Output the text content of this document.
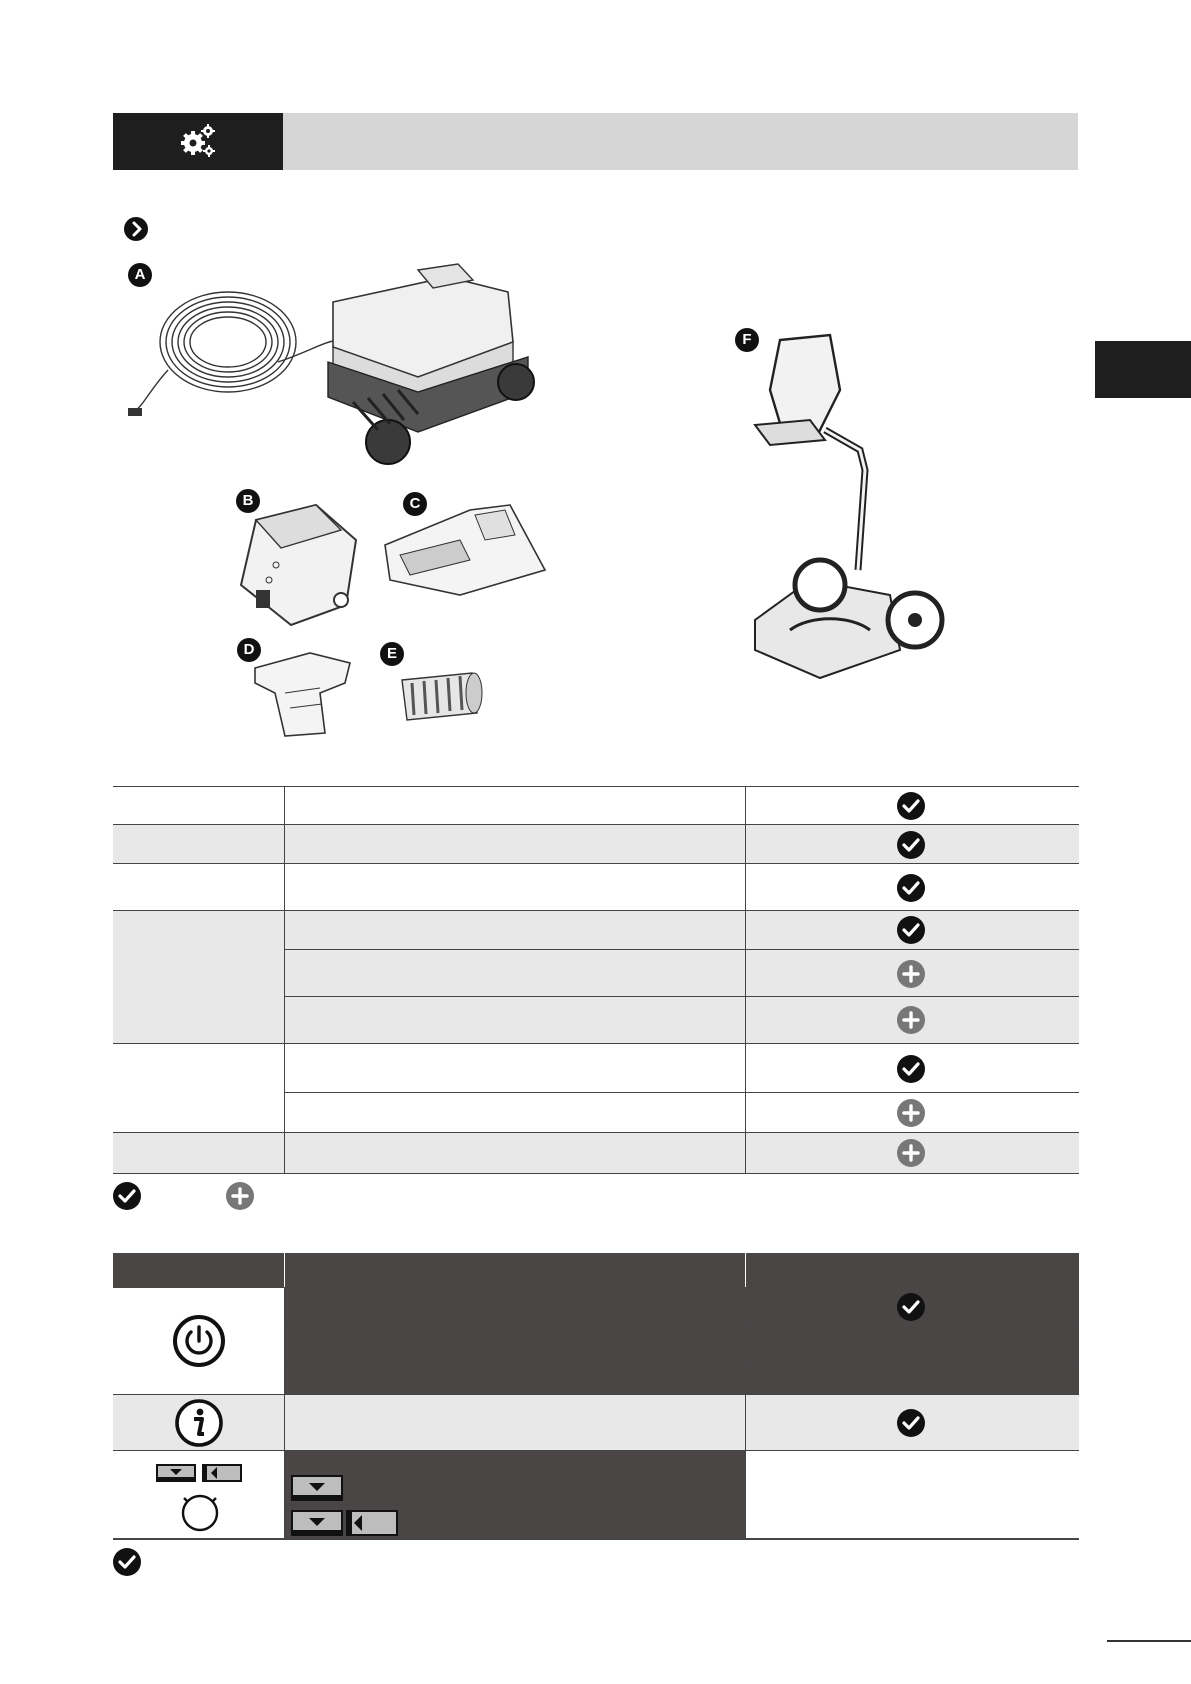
A
B	C
D	E
F
